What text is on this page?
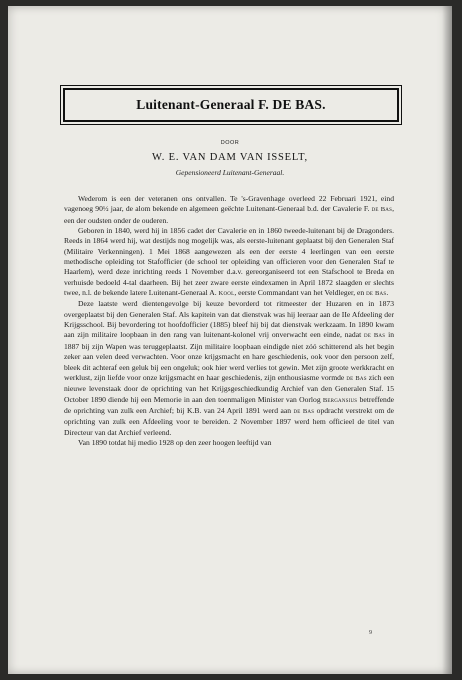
Luitenant-Generaal F. DE BAS.
DOOR
W. E. VAN DAM VAN ISSELT,
Gepensioneerd Luitenant-Generaal.

Wederom is een der veteranen ons ontvallen. Te 's-Gravenhage overleed 22 Februari 1921, eind vagenoeg 90½ jaar, de alom bekende en algemeen geëchte Luitenant-Generaal b.d. der Cavalerie F. de Bas, een der oudsten onder de ouderen.

Geboren in 1840, werd hij in 1856 cadet der Cavalerie en in 1860 tweede-luitenant bij de Dragonders. Reeds in 1864 werd hij, wat destijds nog mogelijk was, als eerste-luitenant geplaatst bij den Generalen Staf (Militaire Verkenningen). 1 Mei 1868 aangewezen als een der eerste 4 leerlingen van een eerste methodische opleiding tot Stafofficier (de school ter opleiding van officieren voor den Generalen Staf te Haarlem), werd deze inrichting reeds 1 November d.a.v. gereorganiseerd tot een Stafschool te Breda en verhuisde bedoeld 4-tal daarheen. Bij het zeer zware eerste eindexamen in April 1872 slaagden er slechts twee, n.l. de bekende latere Luitenant-Generaal A. Kool, eerste Commandant van het Veldleger, en de Bas.

Deze laatste werd dientengevolge bij keuze bevorderd tot ritmeester der Huzaren en in 1873 overgeplaatst bij den Generalen Staf. Als kapitein van dat dienstvak was hij leeraar aan de IIe Afdeeling der Krijgsschool. Bij bevordering tot hoofdofficier (1885) bleef hij bij dat dienstvak werkzaam. In 1890 kwam aan zijn militaire loopbaan in den rang van luitenant-kolonel vrij onverwacht een einde, nadat de Bas in 1887 bij zijn Wapen was teruggeplaatst. Zijn militaire loopbaan eindigde niet zóó schitterend als het begin zeker aan velen deed verwachten. Voor onze krijgsmacht en hare geschiedenis, ook voor den persoon zelf, bleek dit achteraf een geluk bij een ongeluk; ook hier werd verlies tot gewin. Met zijn groote werkkracht en werklust, zijn liefde voor onze krijgsmacht en haar geschiedenis, zijn enthousiasme vormde de Bas zich een nieuwe levenstaak door de oprichting van het Krijgsgeschiedkundig Archief van den Generalen Staf. 15 October 1890 diende hij een Memorie in aan den toenmaligen Minister van Oorlog Bergansius betreffende de oprichting van zulk een Archief; bij K.B. van 24 April 1891 werd aan de Bas opdracht verstrekt om de oprichting van zulk een Afdeeling voor te bereiden. 2 November 1897 werd hem officieel de titel van Directeur van dat Archief verleend.

Van 1890 totdat hij medio 1928 op den zeer hoogen leeftijd van

9
